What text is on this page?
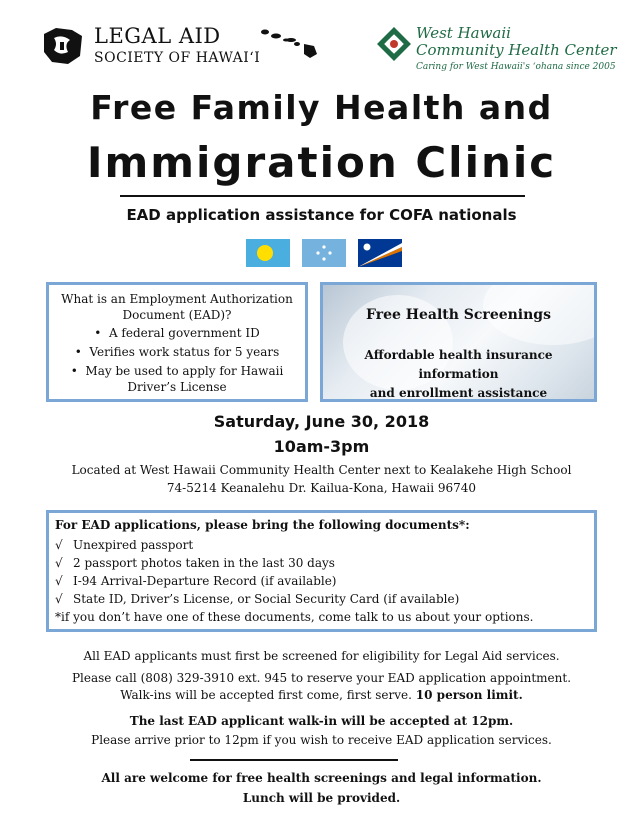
LEGAL AID
SOCIETY OF HAWAI‘I
West Hawaii
Community Health Center
Caring for West Hawaii's ‘ohana since 2005
Free Family Health and
Immigration Clinic
EAD application assistance for COFA nationals
What is an Employment Authorization Document (EAD)?
•  A federal government ID
•  Verifies work status for 5 years
•  May be used to apply for Hawaii Driver’s License
Free Health Screenings
Affordable health insurance information
and enrollment assistance
Saturday, June 30, 2018
10am-3pm
Located at West Hawaii Community Health Center next to Kealakehe High School
74-5214 Keanalehu Dr. Kailua-Kona, Hawaii 96740
For EAD applications, please bring the following documents*:
√ Unexpired passport
√ 2 passport photos taken in the last 30 days
√ I-94 Arrival-Departure Record (if available)
√ State ID, Driver’s License, or Social Security Card (if available)
*if you don’t have one of these documents, come talk to us about your options.
All EAD applicants must first be screened for eligibility for Legal Aid services.
Please call (808) 329-3910 ext. 945 to reserve your EAD application appointment.
Walk-ins will be accepted first come, first serve. 10 person limit.
The last EAD applicant walk-in will be accepted at 12pm.
Please arrive prior to 12pm if you wish to receive EAD application services.
All are welcome for free health screenings and legal information.
Lunch will be provided.
